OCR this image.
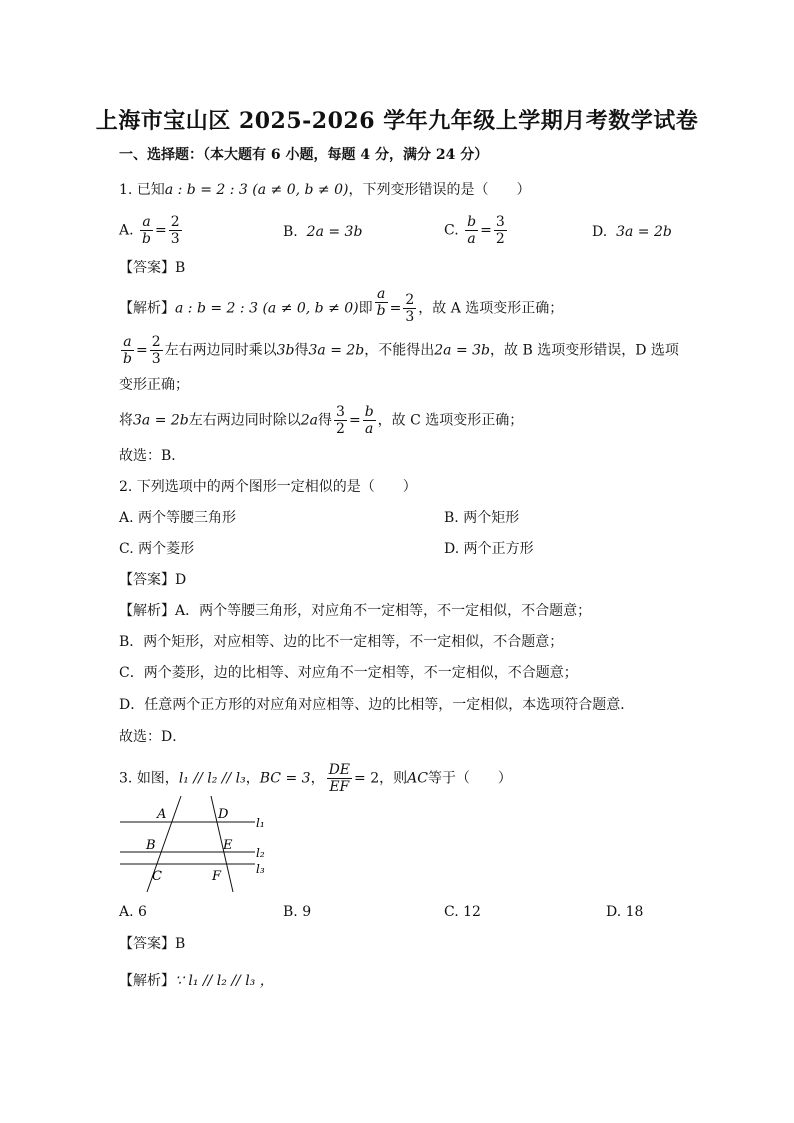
上海市宝山区 2025-2026 学年九年级上学期月考数学试卷
一、选择题：（本大题有 6 小题，每题 4 分，满分 24 分）
1. 已知a : b = 2 : 3 (a ≠ 0, b ≠ 0)，下列变形错误的是（　　）
A. $\frac{a}{b} = \frac{2}{3}$	B. 2a = 3b	C. $\frac{b}{a} = \frac{3}{2}$	D. 3a = 2b
【答案】B
【解析】a : b = 2 : 3 (a ≠ 0, b ≠ 0)即 $\frac{a}{b} = \frac{2}{3}$ ，故 A 选项变形正确；
$\frac{a}{b} = \frac{2}{3}$ 左右两边同时乘以3b得3a = 2b，不能得出2a = 3b，故 B 选项变形错误，D 选项
变形正确；
将3a = 2b左右两边同时除以2a得 $\frac{3}{2} = \frac{b}{a}$ ，故 C 选项变形正确；
故选：B．
2. 下列选项中的两个图形一定相似的是（　　）
A. 两个等腰三角形	B. 两个矩形
C. 两个菱形	D. 两个正方形
【答案】D
【解析】A．两个等腰三角形，对应角不一定相等，不一定相似，不合题意；
B．两个矩形，对应相等、边的比不一定相等，不一定相似，不合题意；
C．两个菱形，边的比相等、对应角不一定相等，不一定相似，不合题意；
D．任意两个正方形的对应角对应相等、边的比相等，一定相似，本选项符合题意．
故选：D．
3. 如图，l₁ // l₂ // l₃，BC = 3， $\frac{DE}{EF} = 2$，则AC等于（　　）
A	D
B	E
C	F
l₁
l₂
l₃
A. 6	B. 9	C. 12	D. 18
【答案】B
【解析】∵ l₁ // l₂ // l₃ ，
